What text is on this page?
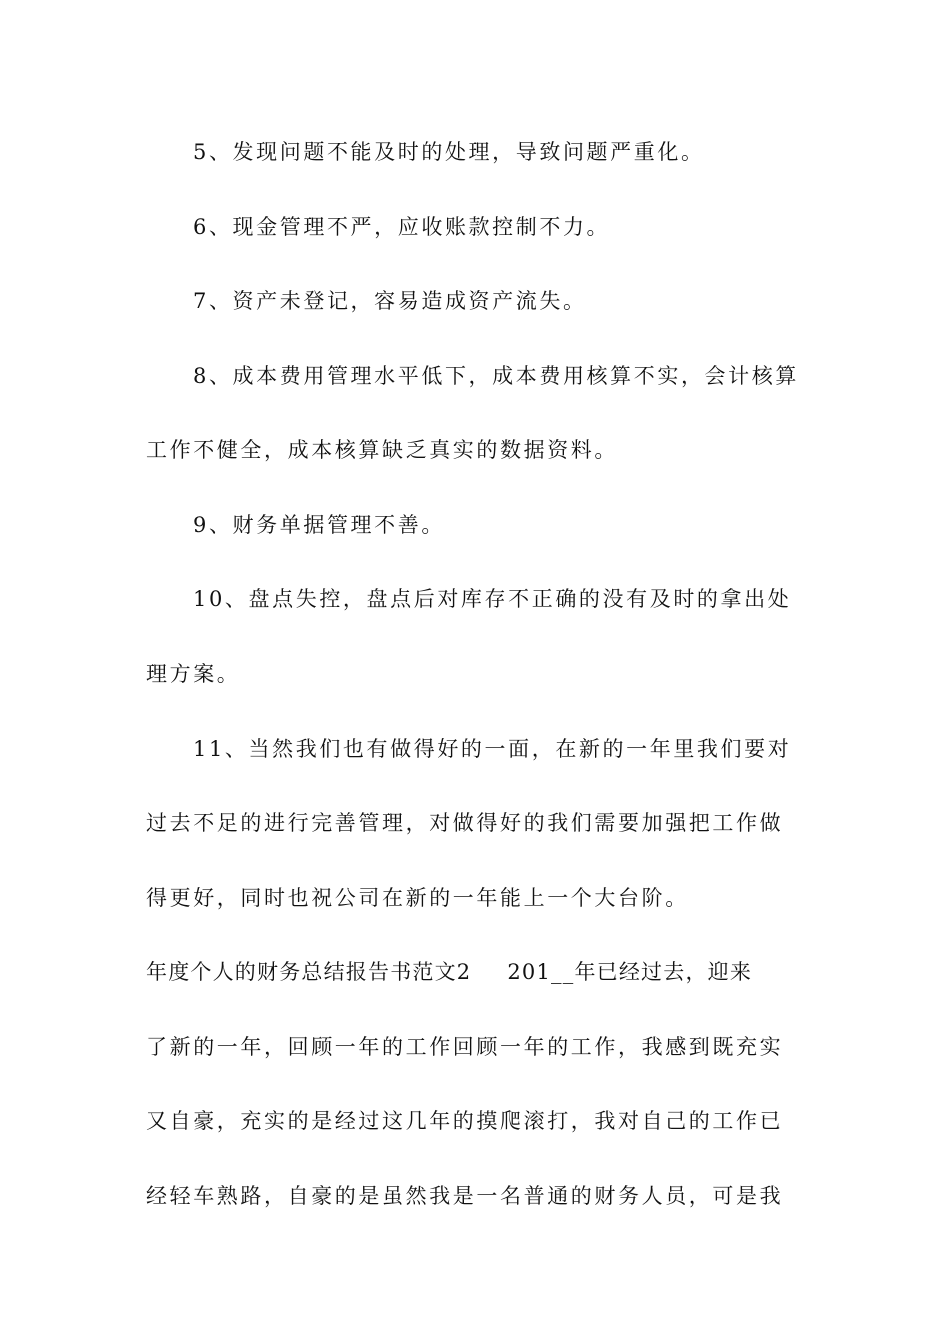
5、发现问题不能及时的处理，导致问题严重化。
6、现金管理不严，应收账款控制不力。
7、资产未登记，容易造成资产流失。
8、成本费用管理水平低下，成本费用核算不实，会计核算
工作不健全，成本核算缺乏真实的数据资料。
9、财务单据管理不善。
10、盘点失控，盘点后对库存不正确的没有及时的拿出处
理方案。
11、当然我们也有做得好的一面，在新的一年里我们要对
过去不足的进行完善管理，对做得好的我们需要加强把工作做
得更好，同时也祝公司在新的一年能上一个大台阶。
年度个人的财务总结报告书范文2 201__年已经过去，迎来
了新的一年，回顾一年的工作回顾一年的工作，我感到既充实
又自豪，充实的是经过这几年的摸爬滚打，我对自己的工作已
经轻车熟路，自豪的是虽然我是一名普通的财务人员，可是我
